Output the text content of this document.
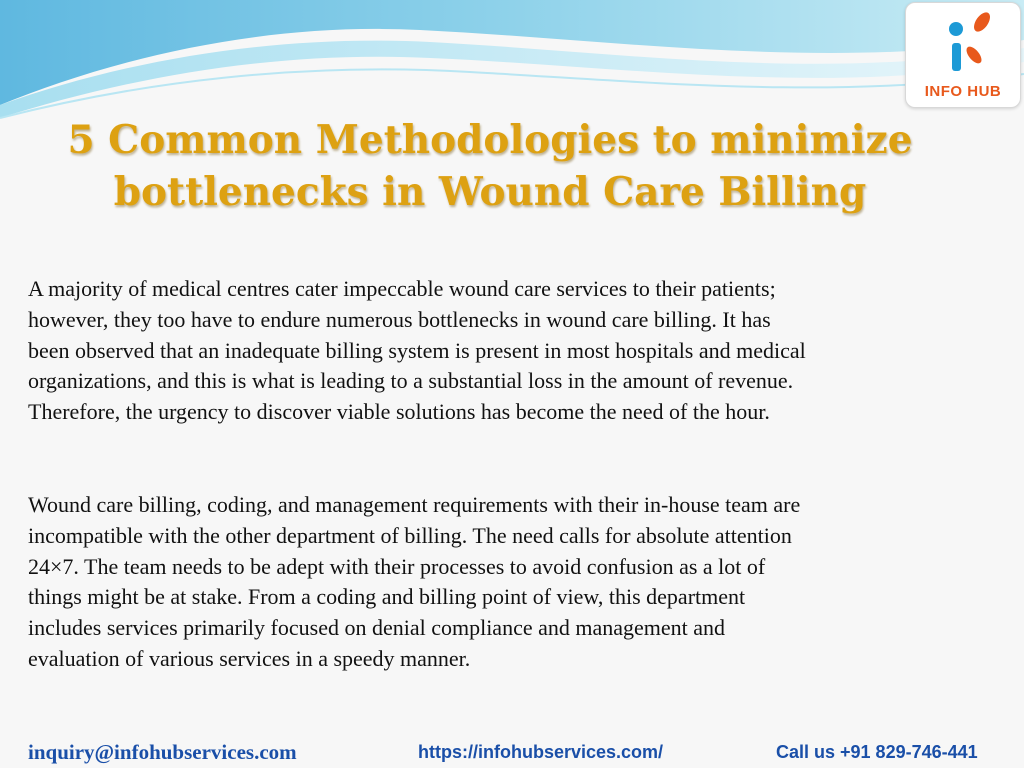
INFO HUB
5 Common Methodologies to minimize
bottlenecks in Wound Care Billing
A majority of medical centres cater impeccable wound care services to their patients;
however, they too have to endure numerous bottlenecks in wound care billing. It has
been observed that an inadequate billing system is present in most hospitals and medical
organizations, and this is what is leading to a substantial loss in the amount of revenue.
Therefore, the urgency to discover viable solutions has become the need of the hour.
Wound care billing, coding, and management requirements with their in-house team are
incompatible with the other department of billing. The need calls for absolute attention
24×7. The team needs to be adept with their processes to avoid confusion as a lot of
things might be at stake. From a coding and billing point of view, this department
includes services primarily focused on denial compliance and management and
evaluation of various services in a speedy manner.
inquiry@infohubservices.com	https://infohubservices.com/	Call us +91 829-746-441
